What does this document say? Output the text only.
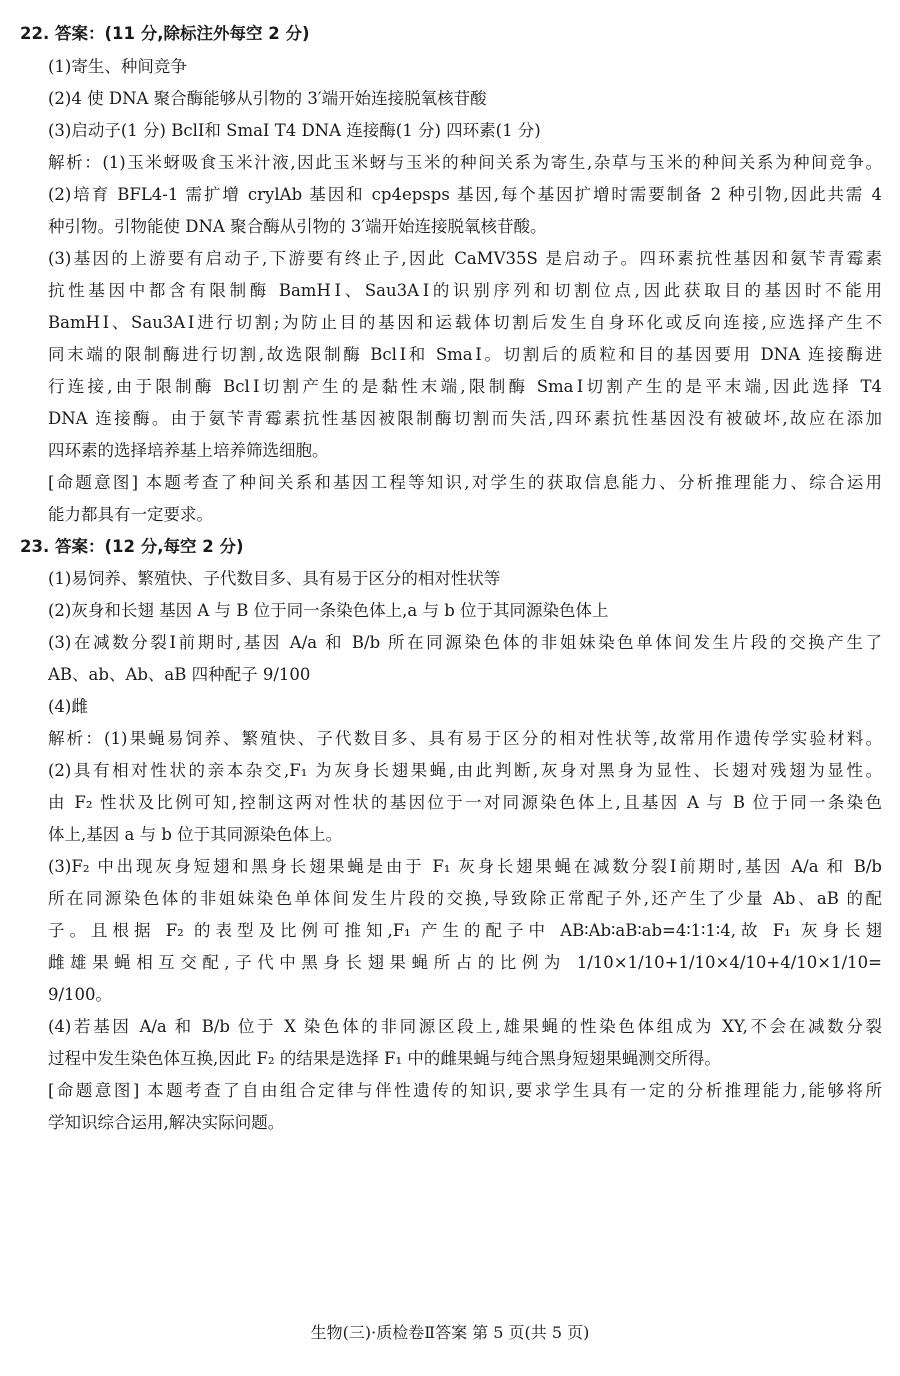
22. 答案：(11 分,除标注外每空 2 分)
(1)寄生、种间竞争
(2)4 使 DNA 聚合酶能够从引物的 3′端开始连接脱氧核苷酸
(3)启动子(1 分) BclⅠ和 SmaⅠ T4 DNA 连接酶(1 分) 四环素(1 分)
解析：(1)玉米蚜吸食玉米汁液,因此玉米蚜与玉米的种间关系为寄生,杂草与玉米的种间关系为种间竞争。
(2)培育 BFL4-1 需扩增 crylAb 基因和 cp4epsps 基因,每个基因扩增时需要制备 2 种引物,因此共需 4
种引物。引物能使 DNA 聚合酶从引物的 3′端开始连接脱氧核苷酸。
(3)基因的上游要有启动子,下游要有终止子,因此 CaMV35S 是启动子。四环素抗性基因和氨苄青霉素
抗性基因中都含有限制酶 BamHⅠ、Sau3AⅠ的识别序列和切割位点,因此获取目的基因时不能用
BamHⅠ、Sau3AⅠ进行切割;为防止目的基因和运载体切割后发生自身环化或反向连接,应选择产生不
同末端的限制酶进行切割,故选限制酶 BclⅠ和 SmaⅠ。切割后的质粒和目的基因要用 DNA 连接酶进
行连接,由于限制酶 BclⅠ切割产生的是黏性末端,限制酶 SmaⅠ切割产生的是平末端,因此选择 T4
DNA 连接酶。由于氨苄青霉素抗性基因被限制酶切割而失活,四环素抗性基因没有被破坏,故应在添加
四环素的选择培养基上培养筛选细胞。
[命题意图] 本题考查了种间关系和基因工程等知识,对学生的获取信息能力、分析推理能力、综合运用
能力都具有一定要求。
23. 答案：(12 分,每空 2 分)
(1)易饲养、繁殖快、子代数目多、具有易于区分的相对性状等
(2)灰身和长翅 基因 A 与 B 位于同一条染色体上,a 与 b 位于其同源染色体上
(3)在减数分裂Ⅰ前期时,基因 A/a 和 B/b 所在同源染色体的非姐妹染色单体间发生片段的交换产生了
AB、ab、Ab、aB 四种配子 9/100
(4)雌
解析：(1)果蝇易饲养、繁殖快、子代数目多、具有易于区分的相对性状等,故常用作遗传学实验材料。
(2)具有相对性状的亲本杂交,F₁ 为灰身长翅果蝇,由此判断,灰身对黑身为显性、长翅对残翅为显性。
由 F₂ 性状及比例可知,控制这两对性状的基因位于一对同源染色体上,且基因 A 与 B 位于同一条染色
体上,基因 a 与 b 位于其同源染色体上。
(3)F₂ 中出现灰身短翅和黑身长翅果蝇是由于 F₁ 灰身长翅果蝇在减数分裂Ⅰ前期时,基因 A/a 和 B/b
所在同源染色体的非姐妹染色单体间发生片段的交换,导致除正常配子外,还产生了少量 Ab、aB 的配
子。且根据 F₂ 的表型及比例可推知,F₁ 产生的配子中 AB∶Ab∶aB∶ab=4∶1∶1∶4,故 F₁ 灰身长翅
雌雄果蝇相互交配,子代中黑身长翅果蝇所占的比例为 1/10×1/10+1/10×4/10+4/10×1/10=
9/100。
(4)若基因 A/a 和 B/b 位于 X 染色体的非同源区段上,雄果蝇的性染色体组成为 XY,不会在减数分裂
过程中发生染色体互换,因此 F₂ 的结果是选择 F₁ 中的雌果蝇与纯合黑身短翅果蝇测交所得。
[命题意图] 本题考查了自由组合定律与伴性遗传的知识,要求学生具有一定的分析推理能力,能够将所
学知识综合运用,解决实际问题。
生物(三)·质检卷Ⅱ答案 第 5 页(共 5 页)
